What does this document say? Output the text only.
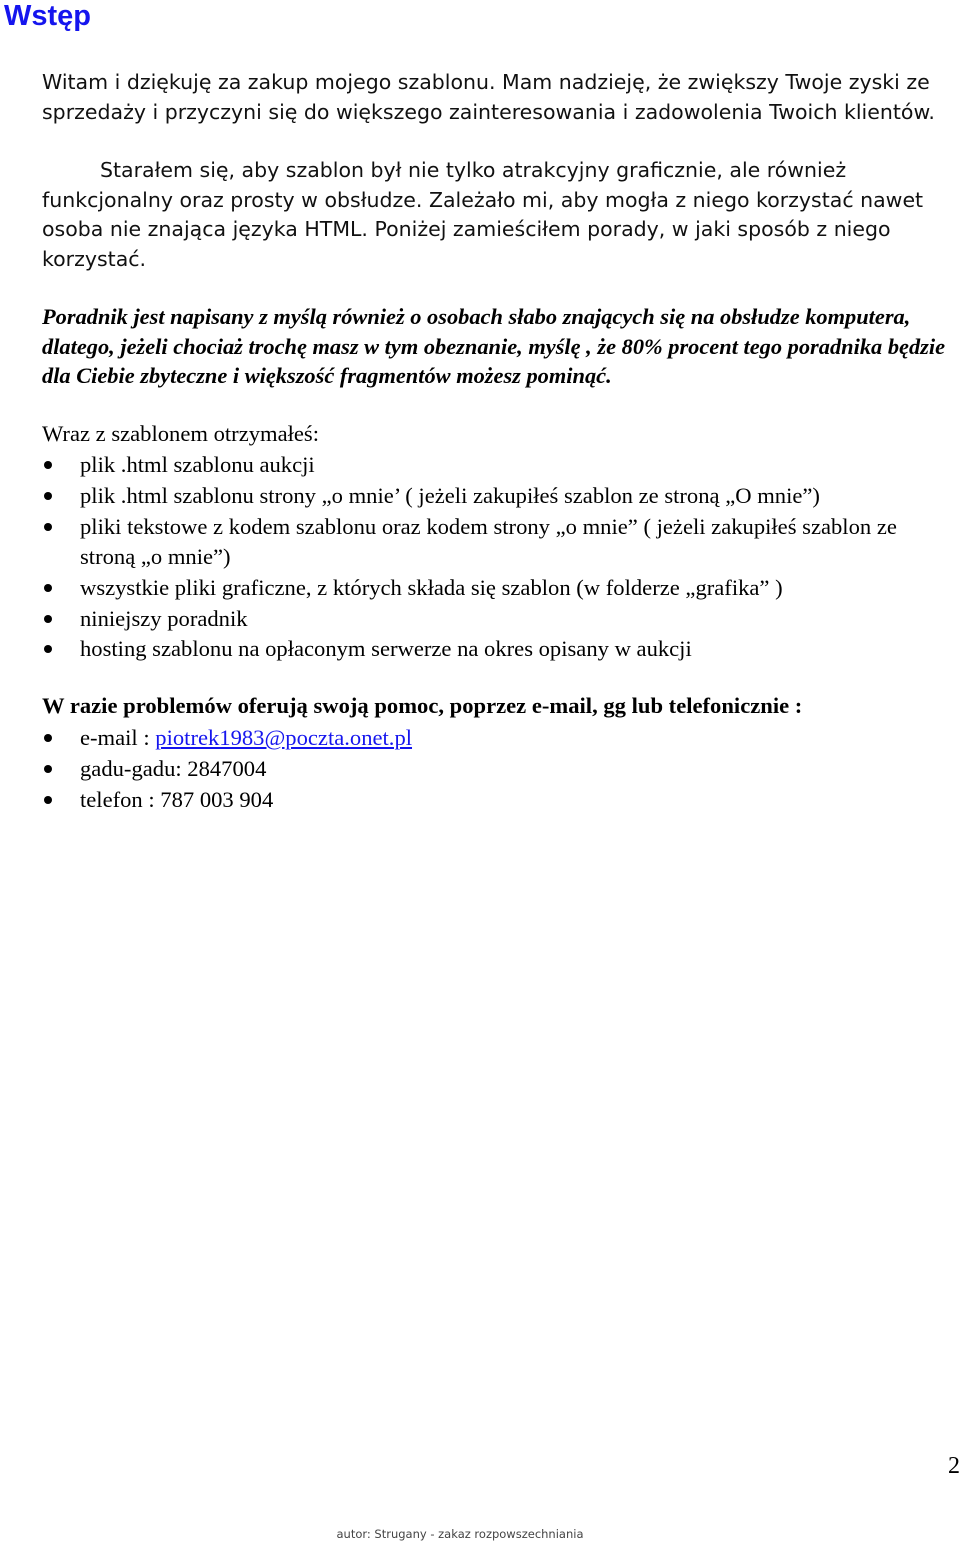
Wstęp

Witam i dziękuję za zakup mojego szablonu. Mam nadzieję, że zwiększy Twoje zyski ze sprzedaży i przyczyni się do większego zainteresowania i zadowolenia Twoich klientów.

Starałem się, aby szablon był nie tylko atrakcyjny graficznie, ale również funkcjonalny oraz prosty w obsłudze. Zależało mi, aby mogła z niego korzystać nawet osoba nie znająca języka HTML. Poniżej zamieściłem porady, w jaki sposób z niego korzystać.

Poradnik jest napisany z myślą również o osobach słabo znających się na obsłudze komputera, dlatego, jeżeli chociaż trochę masz w tym obeznanie, myślę , że 80% procent tego poradnika będzie dla Ciebie zbyteczne i większość fragmentów możesz pominąć.

Wraz z szablonem otrzymałeś:

plik .html szablonu aukcji
plik .html szablonu strony „o mnie’ ( jeżeli zakupiłeś szablon ze stroną „O mnie”)
pliki tekstowe z kodem szablonu oraz kodem strony „o mnie” ( jeżeli zakupiłeś szablon ze stroną „o mnie”)
wszystkie pliki graficzne, z których składa się szablon (w folderze „grafika” )
niniejszy poradnik
hosting szablonu na opłaconym serwerze na okres opisany w aukcji

W razie problemów oferują swoją pomoc, poprzez e-mail, gg lub telefonicznie :

e-mail : piotrek1983@poczta.onet.pl
gadu-gadu: 2847004
telefon : 787 003 904

2

autor: Strugany - zakaz rozpowszechniania
